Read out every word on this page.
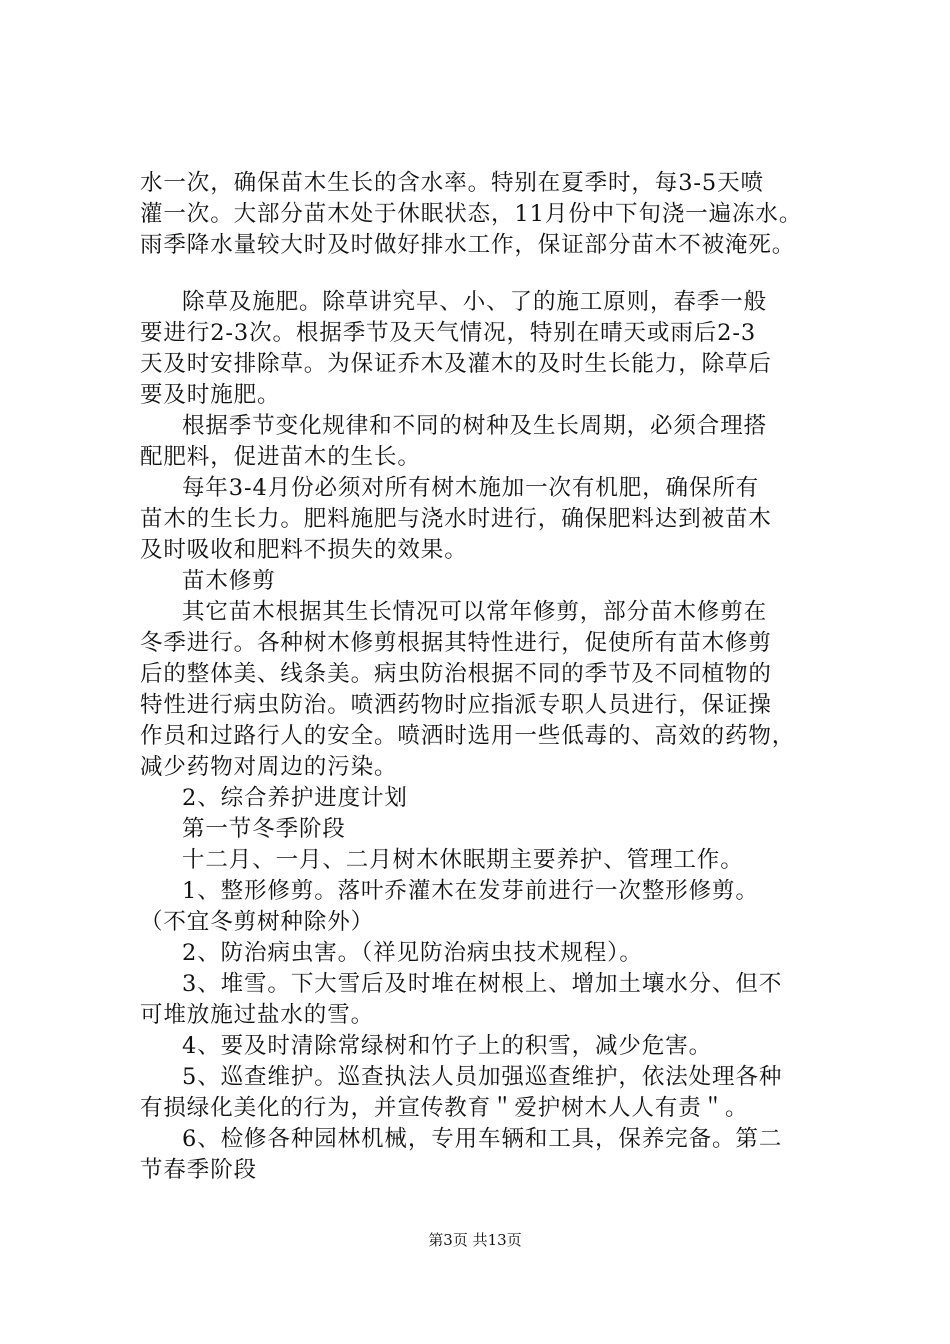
水一次，确保苗木生长的含水率。特别在夏季时，每3-5天喷
灌一次。大部分苗木处于休眠状态，11月份中下旬浇一遍冻水。
雨季降水量较大时及时做好排水工作，保证部分苗木不被淹死。

除草及施肥。除草讲究早、小、了的施工原则，春季一般
要进行2-3次。根据季节及天气情况，特别在晴天或雨后2-3
天及时安排除草。为保证乔木及灌木的及时生长能力，除草后
要及时施肥。

根据季节变化规律和不同的树种及生长周期，必须合理搭
配肥料，促进苗木的生长。

每年3-4月份必须对所有树木施加一次有机肥，确保所有
苗木的生长力。肥料施肥与浇水时进行，确保肥料达到被苗木
及时吸收和肥料不损失的效果。

苗木修剪

其它苗木根据其生长情况可以常年修剪，部分苗木修剪在
冬季进行。各种树木修剪根据其特性进行，促使所有苗木修剪
后的整体美、线条美。病虫防治根据不同的季节及不同植物的
特性进行病虫防治。喷洒药物时应指派专职人员进行，保证操
作员和过路行人的安全。喷洒时选用一些低毒的、高效的药物，
减少药物对周边的污染。

2、综合养护进度计划

第一节冬季阶段

十二月、一月、二月树木休眠期主要养护、管理工作。

1、整形修剪。落叶乔灌木在发芽前进行一次整形修剪。
（不宜冬剪树种除外）

2、防治病虫害。（祥见防治病虫技术规程）。

3、堆雪。下大雪后及时堆在树根上、增加土壤水分、但不
可堆放施过盐水的雪。

4、要及时清除常绿树和竹子上的积雪，减少危害。

5、巡查维护。巡查执法人员加强巡查维护，依法处理各种
有损绿化美化的行为，并宣传教育＂爱护树木人人有责＂。

6、检修各种园林机械，专用车辆和工具，保养完备。第二
节春季阶段

第3页 共13页
